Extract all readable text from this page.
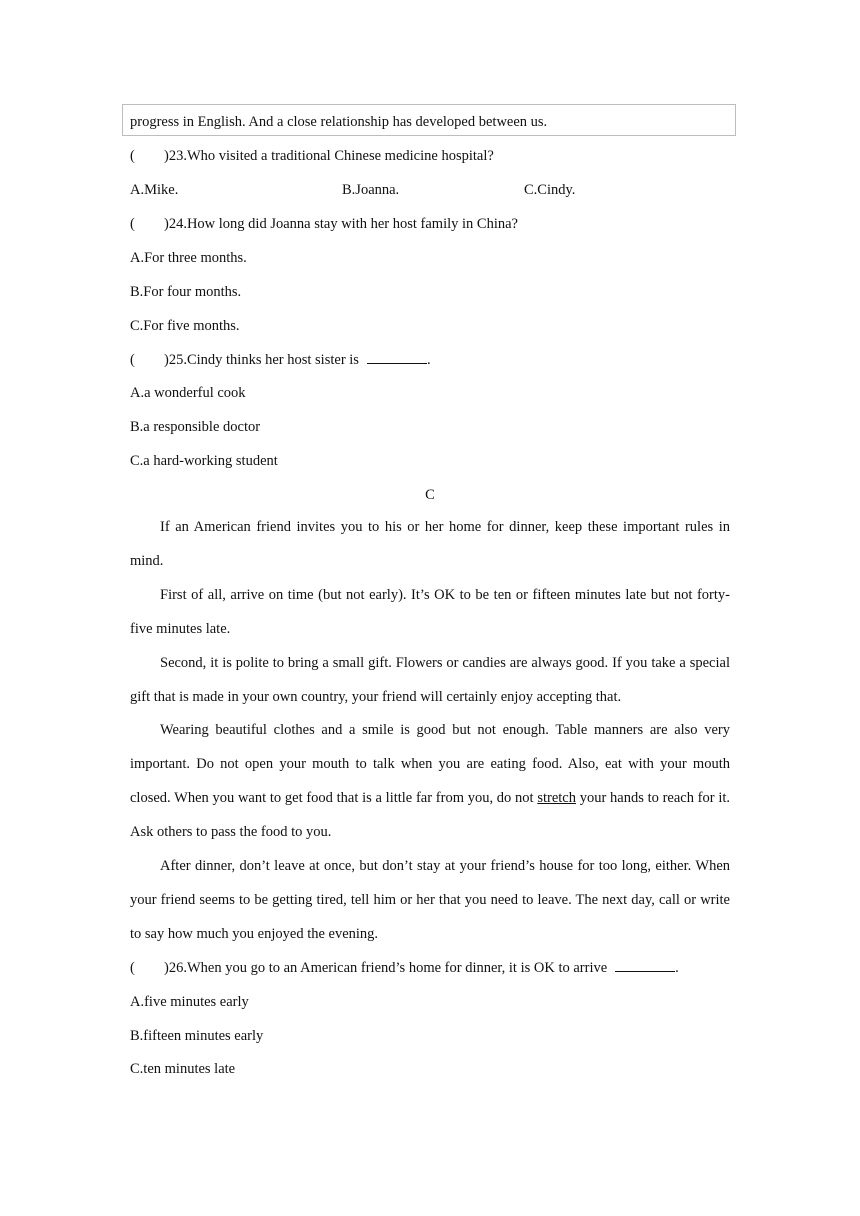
progress in English. And a close relationship has developed between us.
( )23.Who visited a traditional Chinese medicine hospital?
A.Mike.	B.Joanna.	C.Cindy.
( )24.How long did Joanna stay with her host family in China?
A.For three months.
B.For four months.
C.For five months.
( )25.Cindy thinks her host sister is	.
A.a wonderful cook
B.a responsible doctor
C.a hard-working student
C

If an American friend invites you to his or her home for dinner, keep these important rules in mind.

First of all, arrive on time (but not early). It’s OK to be ten or fifteen minutes late but not forty-five minutes late.

Second, it is polite to bring a small gift. Flowers or candies are always good. If you take a special gift that is made in your own country, your friend will certainly enjoy accepting that.

Wearing beautiful clothes and a smile is good but not enough. Table manners are also very important. Do not open your mouth to talk when you are eating food. Also, eat with your mouth closed. When you want to get food that is a little far from you, do not stretch your hands to reach for it. Ask others to pass the food to you.

After dinner, don’t leave at once, but don’t stay at your friend’s house for too long, either. When your friend seems to be getting tired, tell him or her that you need to leave. The next day, call or write to say how much you enjoyed the evening.

( )26.When you go to an American friend’s home for dinner, it is OK to arrive	.
A.five minutes early
B.fifteen minutes early
C.ten minutes late
